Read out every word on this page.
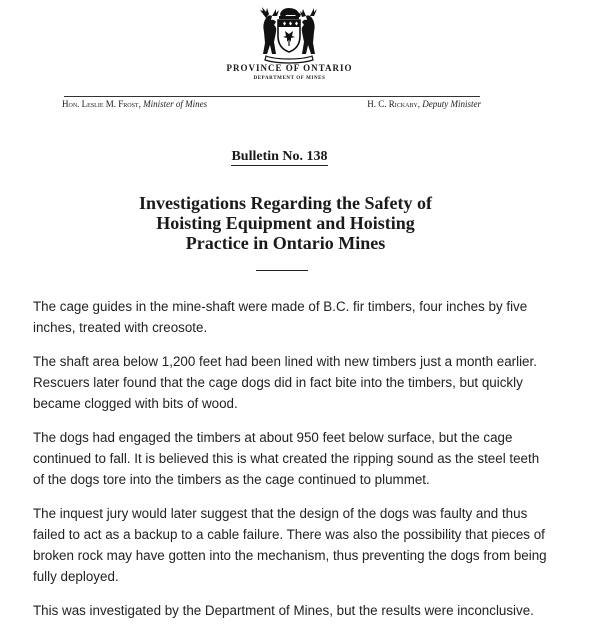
PROVINCE OF ONTARIO
DEPARTMENT OF MINES
Hon. Leslie M. Frost, Minister of Mines	H. C. Rickaby, Deputy Minister
Bulletin No. 138
Investigations Regarding the Safety of
Hoisting Equipment and Hoisting
Practice in Ontario Mines

The cage guides in the mine-shaft were made of B.C. fir timbers, four inches by five inches, treated with creosote.

The shaft area below 1,200 feet had been lined with new timbers just a month earlier. Rescuers later found that the cage dogs did in fact bite into the timbers, but quickly became clogged with bits of wood.

The dogs had engaged the timbers at about 950 feet below surface, but the cage continued to fall. It is believed this is what created the ripping sound as the steel teeth of the dogs tore into the timbers as the cage continued to plummet.

The inquest jury would later suggest that the design of the dogs was faulty and thus failed to act as a backup to a cable failure. There was also the possibility that pieces of broken rock may have gotten into the mechanism, thus preventing the dogs from being fully deployed.

This was investigated by the Department of Mines, but the results were inconclusive.
